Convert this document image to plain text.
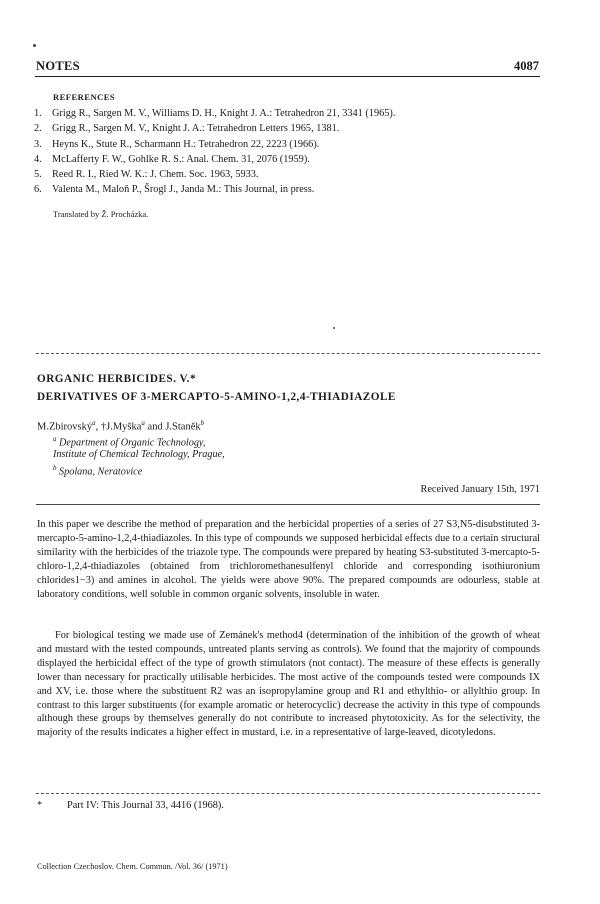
NOTES	4087
REFERENCES
1. Grigg R., Sargen M. V., Williams D. H., Knight J. A.: Tetrahedron 21, 3341 (1965).
2. Grigg R., Sargen M. V., Knight J. A.: Tetrahedron Letters 1965, 1381.
3. Heyns K., Stute R., Scharmann H.: Tetrahedron 22, 2223 (1966).
4. McLafferty F. W., Gohlke R. S.: Anal. Chem. 31, 2076 (1959).
5. Reed R. I., Ried W. K.: J. Chem. Soc. 1963, 5933.
6. Valenta M., Maloň P., Šrogl J., Janda M.: This Journal, in press.
Translated by Ž. Procházka.
ORGANIC HERBICIDES. V.*
DERIVATIVES OF 3-MERCAPTO-5-AMINO-1,2,4-THIADIAZOLE
M.Zbirovský$^a$, †J.Myška$^a$ and J.Staněk$^b$
$^a$ Department of Organic Technology,
Institute of Chemical Technology, Prague,
$^b$ Spolana, Neratovice
Received January 15th, 1971

In this paper we describe the method of preparation and the herbicidal properties of a series of 27 S3,N5-disubstituted 3-mercapto-5-amino-1,2,4-thiadiazoles. In this type of compounds we supposed herbicidal effects due to a certain structural similarity with the herbicides of the triazole type. The compounds were prepared by heating S3-substituted 3-mercapto-5-chloro-1,2,4-thiadiazoles (obtained from trichloromethanesulfenyl chloride and corresponding isothiuronium chlorides1−3) and amines in alcohol. The yields were above 90%. The prepared compounds are odourless, stable at laboratory conditions, well soluble in common organic solvents, insoluble in water.

For biological testing we made use of Zemánek's method4 (determination of the inhibition of the growth of wheat and mustard with the tested compounds, untreated plants serving as controls). We found that the majority of compounds displayed the herbicidal effect of the type of growth stimulators (not contact). The measure of these effects is generally lower than necessary for practically utilisable herbicides. The most active of the compounds tested were compounds IX and XV, i.e. those where the substituent R2 was an isopropylamine group and R1 and ethylthio- or allylthio group. In contrast to this larger substituents (for example aromatic or heterocyclic) decrease the activity in this type of compounds although these groups by themselves generally do not contribute to increased phytotoxicity. As for the selectivity, the majority of the results indicates a higher effect in mustard, i.e. in a representative of large-leaved, dicotyledons.

* Part IV: This Journal 33, 4416 (1968).
Collection Czechoslov. Chem. Commun. /Vol. 36/ (1971)
